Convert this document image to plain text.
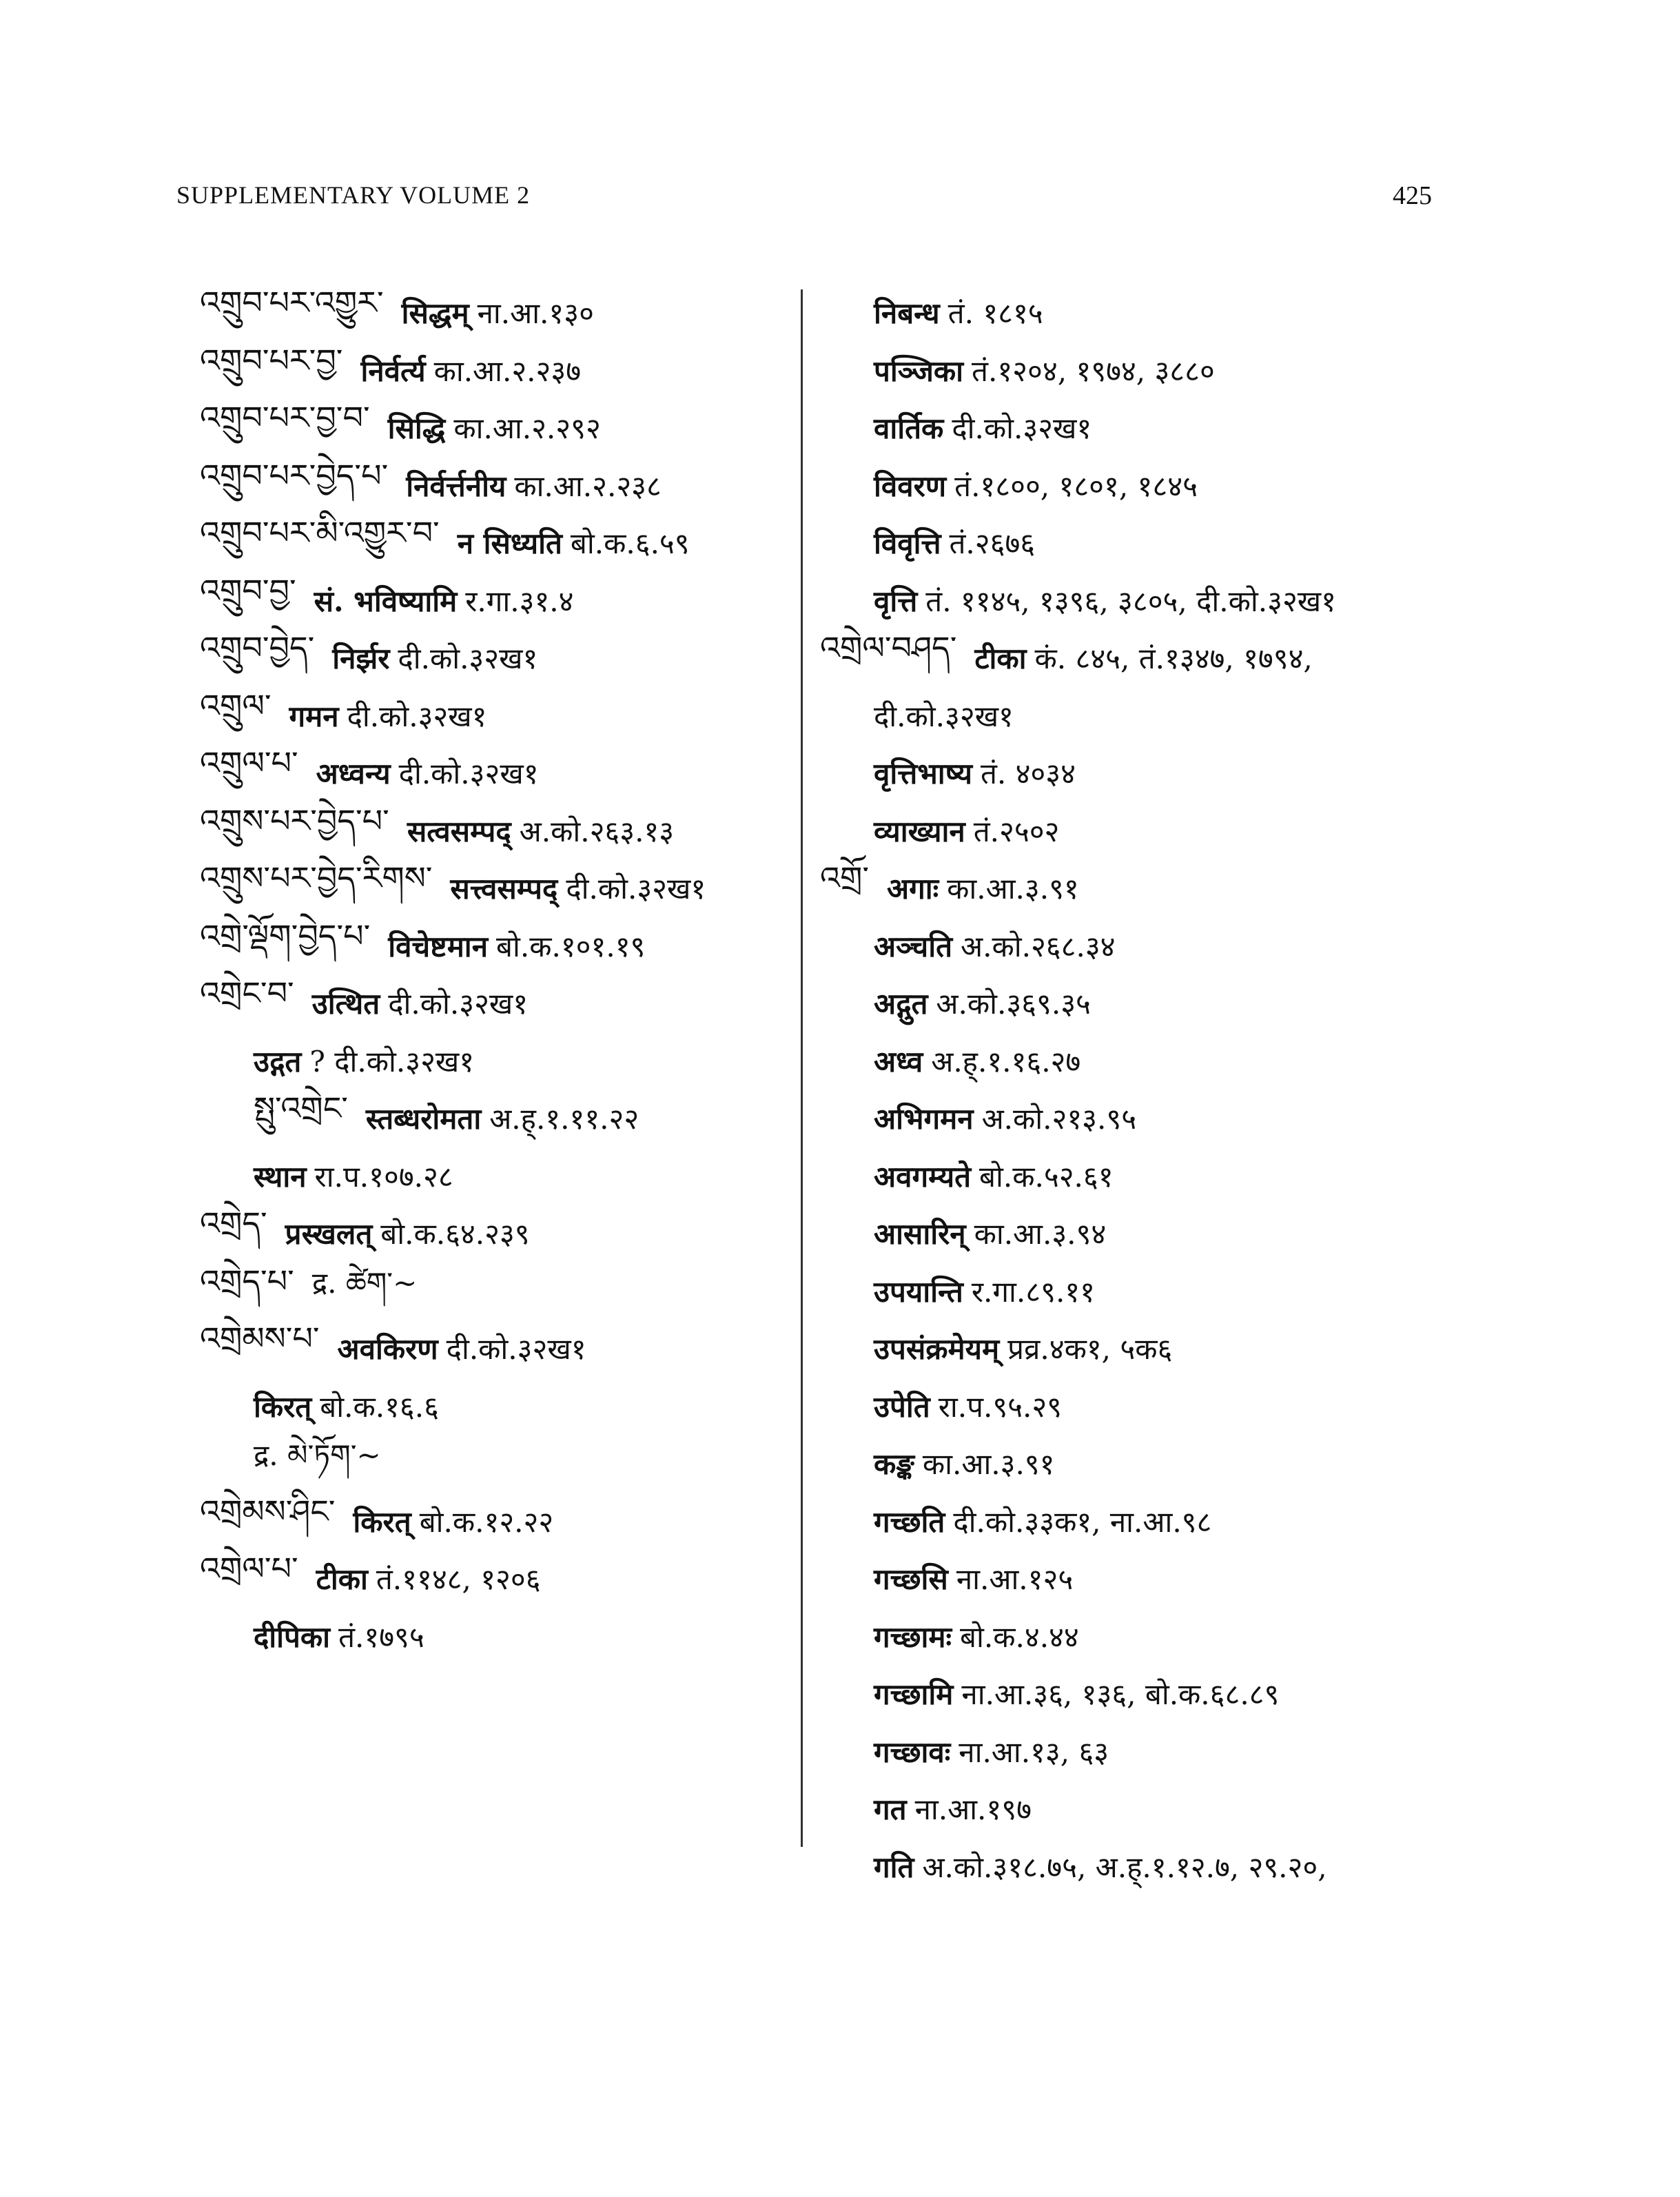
SUPPLEMENTARY VOLUME 2	425
འགྲུབ་པར་འགྱུར་ सिद्धम् ना.आ.१३०
འགྲུབ་པར་བྱ་ निर्वर्त्य का.आ.२.२३७
འགྲུབ་པར་བྱ་བ་ सिद्धि का.आ.२.२९२
འགྲུབ་པར་བྱེད་པ་ निर्वर्त्तनीय का.आ.२.२३८
འགྲུབ་པར་མི་འགྱུར་བ་ न सिध्यति बो.क.६.५९
འགྲུབ་བྱ་ सं. भविष्यामि र.गा.३१.४
འགྲུབ་བྱེད་ निर्झर दी.को.३२ख१
འགྲུལ་ गमन दी.को.३२ख१
འགྲུལ་པ་ अध्वन्य दी.को.३२ख१
འགྲུས་པར་བྱེད་པ་ सत्वसम्पद् अ.को.२६३.१३
འགྲུས་པར་བྱེད་རིགས་ सत्त्वसम्पद् दी.को.३२ख१
འགྲེ་ལྡོག་བྱེད་པ་ विचेष्टमान बो.क.१०१.१९
འགྲེང་བ་ उत्थित दी.को.३२ख१
उद्गत ? दी.को.३२ख१
སྤུ་འགྲེང་ स्तब्धरोमता अ.ह्.१.११.२२
स्थान रा.प.१०७.२८
འགྲེད་ प्रस्खलत् बो.क.६४.२३९
འགྲེད་པ་ द्र. ཚེག་~
འགྲེམས་པ་ अवकिरण दी.को.३२ख१
किरत् बो.क.१६.६
द्र. མེ་ཏོག་~
འགྲེམས་ཤིང་ किरत् बो.क.१२.२२
འགྲེལ་པ་ टीका तं.११४८, १२०६
दीपिका तं.१७९५
निबन्ध तं. १८१५
पञ्जिका तं.१२०४, १९७४, ३८८०
वार्तिक दी.को.३२ख१
विवरण तं.१८००, १८०१, १८४५
विवृत्ति तं.२६७६
वृत्ति तं. ११४५, १३९६, ३८०५, दी.को.३२ख१
འགྲེལ་བཤད་ टीका कं. ८४५, तं.१३४७, १७९४,
दी.को.३२ख१
वृत्तिभाष्य तं. ४०३४
व्याख्यान तं.२५०२
འགྲོ་ अगाः का.आ.३.९१
अञ्चति अ.को.२६८.३४
अद्गुत अ.को.३६९.३५
अध्व अ.ह्.१.१६.२७
अभिगमन अ.को.२१३.९५
अवगम्यते बो.क.५२.६१
आसारिन् का.आ.३.९४
उपयान्ति र.गा.८९.११
उपसंक्रमेयम् प्रव्र.४क१, ५क६
उपेति रा.प.९५.२९
कङ्क का.आ.३.९१
गच्छति दी.को.३३क१, ना.आ.९८
गच्छसि ना.आ.१२५
गच्छामः बो.क.४.४४
गच्छामि ना.आ.३६, १३६, बो.क.६८.८९
गच्छावः ना.आ.१३, ६३
गत ना.आ.१९७
गति अ.को.३१८.७५, अ.ह्.१.१२.७, २९.२०,
